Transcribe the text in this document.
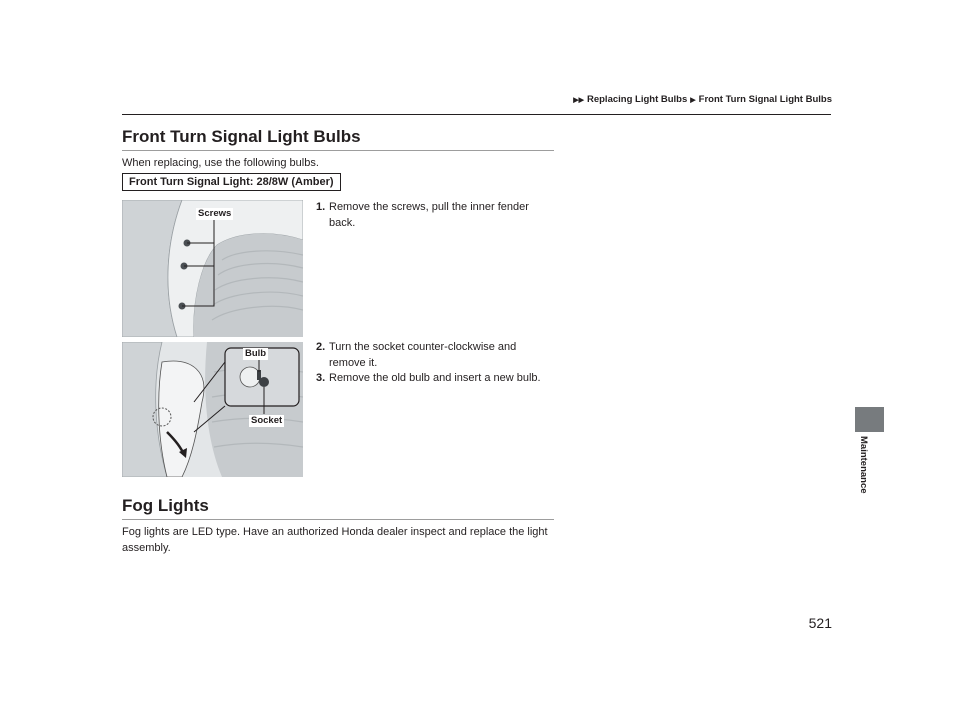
▶▶ Replacing Light Bulbs ▶ Front Turn Signal Light Bulbs
Front Turn Signal Light Bulbs

When replacing, use the following bulbs.

Front Turn Signal Light: 28/8W (Amber)
Screws
1. Remove the screws, pull the inner fender back.
2. Turn the socket counter-clockwise and remove it.
3. Remove the old bulb and insert a new bulb.
Bulb
Socket
Fog Lights

Fog lights are LED type. Have an authorized Honda dealer inspect and replace the light assembly.

Maintenance
521
